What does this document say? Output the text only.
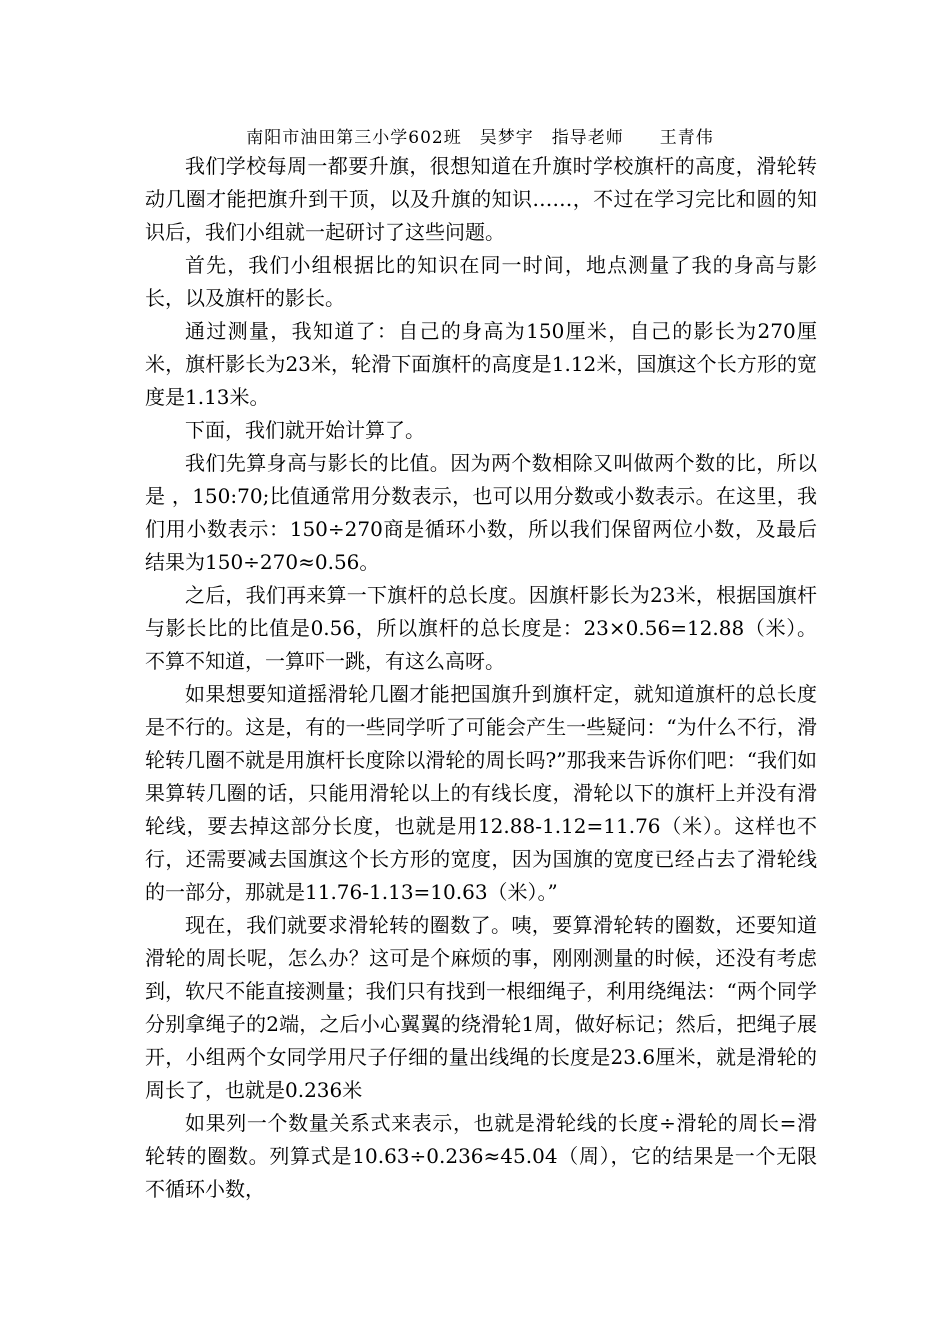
南阳市油田第三小学602班　吴梦宇　指导老师　　王青伟

我们学校每周一都要升旗，很想知道在升旗时学校旗杆的高度，滑轮转动几圈才能把旗升到干顶，以及升旗的知识……，不过在学习完比和圆的知识后，我们小组就一起研讨了这些问题。

首先，我们小组根据比的知识在同一时间，地点测量了我的身高与影长，以及旗杆的影长。

通过测量，我知道了：自己的身高为150厘米，自己的影长为270厘米，旗杆影长为23米，轮滑下面旗杆的高度是1.12米，国旗这个长方形的宽度是1.13米。

下面，我们就开始计算了。

我们先算身高与影长的比值。因为两个数相除又叫做两个数的比，所以是 ，150:70;比值通常用分数表示，也可以用分数或小数表示。在这里，我们用小数表示：150÷270商是循环小数，所以我们保留两位小数，及最后结果为150÷270≈0.56。

之后，我们再来算一下旗杆的总长度。因旗杆影长为23米，根据国旗杆与影长比的比值是0.56，所以旗杆的总长度是：23×0.56=12.88（米）。不算不知道，一算吓一跳，有这么高呀。

如果想要知道摇滑轮几圈才能把国旗升到旗杆定，就知道旗杆的总长度是不行的。这是，有的一些同学听了可能会产生一些疑问：“为什么不行，滑轮转几圈不就是用旗杆长度除以滑轮的周长吗?”那我来告诉你们吧：“我们如果算转几圈的话，只能用滑轮以上的有线长度，滑轮以下的旗杆上并没有滑轮线，要去掉这部分长度，也就是用12.88-1.12=11.76（米）。这样也不行，还需要减去国旗这个长方形的宽度，因为国旗的宽度已经占去了滑轮线的一部分，那就是11.76-1.13=10.63（米）。”

现在，我们就要求滑轮转的圈数了。咦，要算滑轮转的圈数，还要知道滑轮的周长呢，怎么办？这可是个麻烦的事，刚刚测量的时候，还没有考虑到，软尺不能直接测量；我们只有找到一根细绳子，利用绕绳法：“两个同学分别拿绳子的2端，之后小心翼翼的绕滑轮1周，做好标记；然后，把绳子展开，小组两个女同学用尺子仔细的量出线绳的长度是23.6厘米，就是滑轮的周长了，也就是0.236米

如果列一个数量关系式来表示，也就是滑轮线的长度÷滑轮的周长=滑轮转的圈数。列算式是10.63÷0.236≈45.04（周），它的结果是一个无限不循环小数，
